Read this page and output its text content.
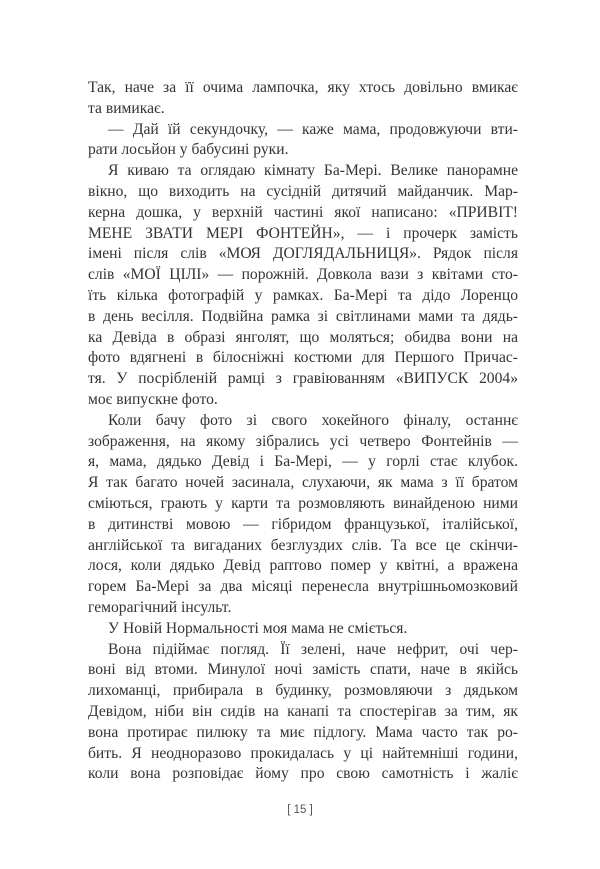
Так, наче за її очима лампочка, яку хтось довільно вмикає
та вимикає.
— Дай їй секундочку, — каже мама, продовжуючи вти-
рати лосьйон у бабусині руки.
Я киваю та оглядаю кімнату Ба-Мері. Велике панорамне
вікно, що виходить на сусідній дитячий майданчик. Мар-
керна дошка, у верхній частині якої написано: «ПРИВІТ!
МЕНЕ ЗВАТИ МЕРІ ФОНТЕЙН», — і прочерк замість
імені після слів «МОЯ ДОГЛЯДАЛЬНИЦЯ». Рядок після
слів «МОЇ ЦІЛІ» — порожній. Довкола вази з квітами сто-
їть кілька фотографій у рамках. Ба-Мері та дідо Лоренцо
в день весілля. Подвійна рамка зі світлинами мами та дядь-
ка Девіда в образі янголят, що моляться; обидва вони на
фото вдягнені в білосніжні костюми для Першого Причас-
тя. У посрібленій рамці з гравіюванням «ВИПУСК 2004»
моє випускне фото.
Коли бачу фото зі свого хокейного фіналу, останнє
зображення, на якому зібрались усі четверо Фонтейнів —
я, мама, дядько Девід і Ба-Мері, — у горлі стає клубок.
Я так багато ночей засинала, слухаючи, як мама з її братом
сміються, грають у карти та розмовляють винайденою ними
в дитинстві мовою — гібридом французької, італійської,
англійської та вигаданих безглуздих слів. Та все це скінчи-
лося, коли дядько Девід раптово помер у квітні, а вражена
горем Ба-Мері за два місяці перенесла внутрішньомозковий
геморагічний інсульт.
У Новій Нормальності моя мама не сміється.
Вона підіймає погляд. Її зелені, наче нефрит, очі чер-
воні від втоми. Минулої ночі замість спати, наче в якійсь
лихоманці, прибирала в будинку, розмовляючи з дядьком
Девідом, ніби він сидів на канапі та спостерігав за тим, як
вона протирає пилюку та миє підлогу. Мама часто так ро-
бить. Я неодноразово прокидалась у ці найтемніші години,
коли вона розповідає йому про свою самотність і жаліє
[ 15 ]
